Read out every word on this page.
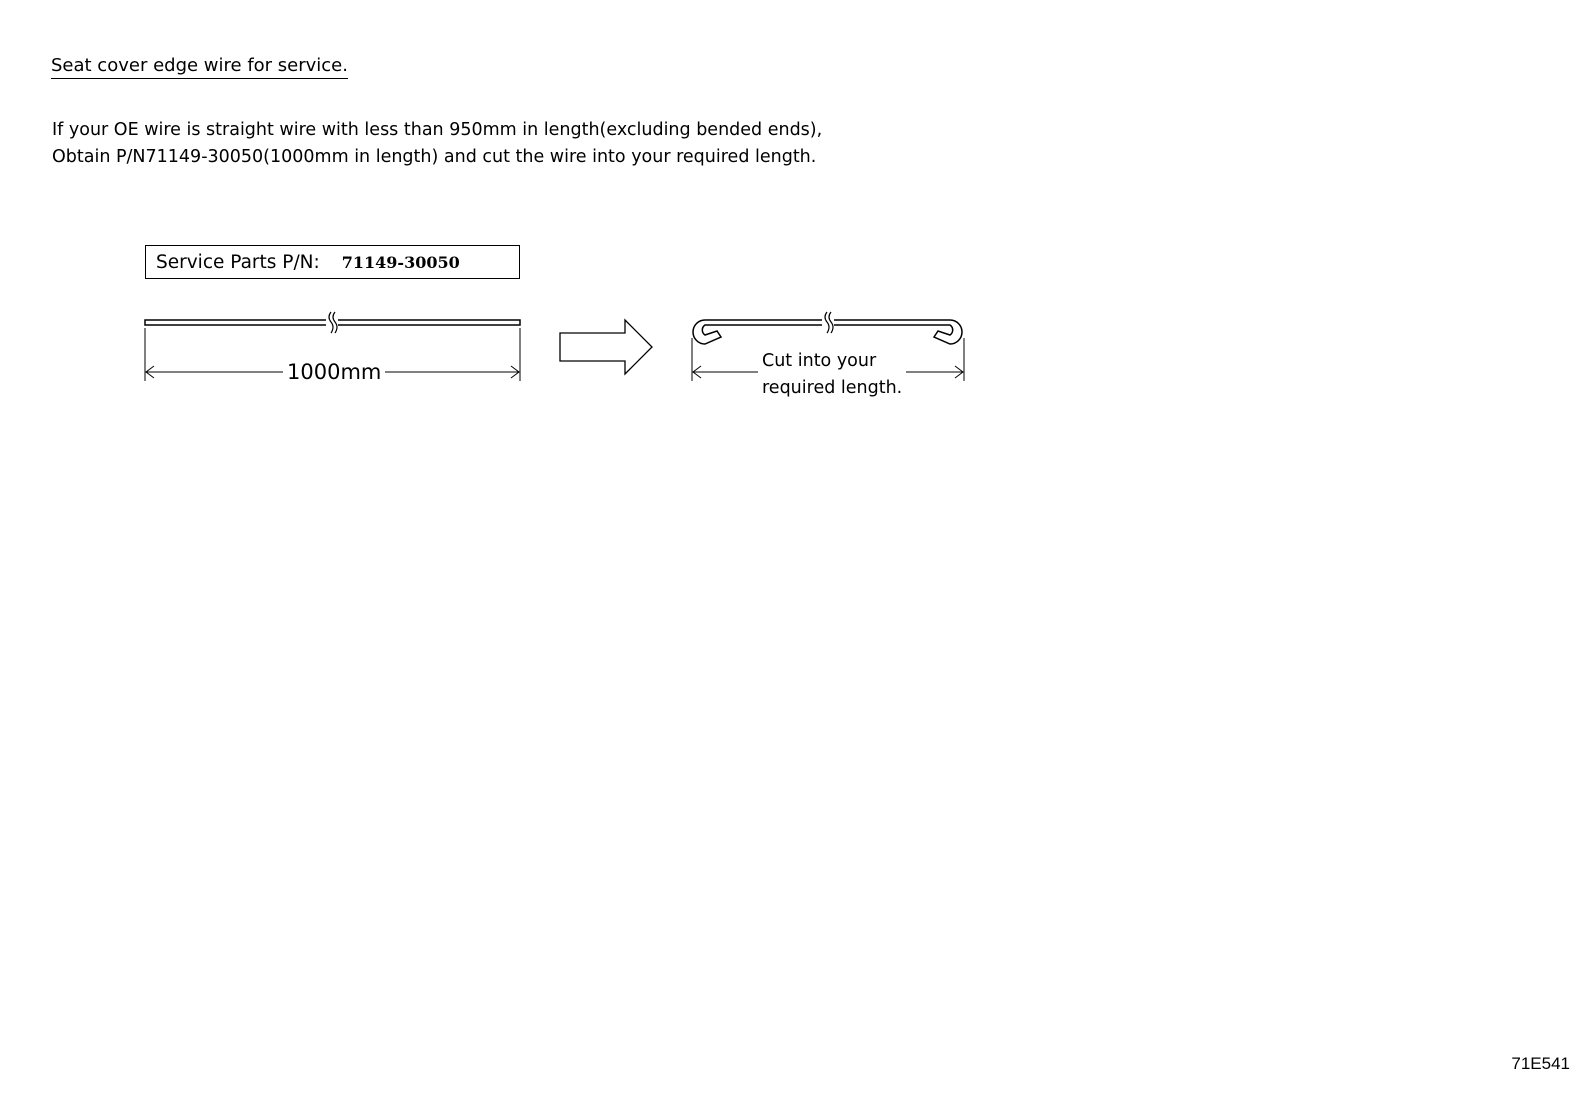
Seat cover edge wire for service.
If your OE wire is straight wire with less than 950mm in length(excluding bended ends),
Obtain P/N71149-30050(1000mm in length) and cut the wire into your required length.
Service Parts P/N: 71149-30050
1000mm	Cut into your
required length.
71E541
